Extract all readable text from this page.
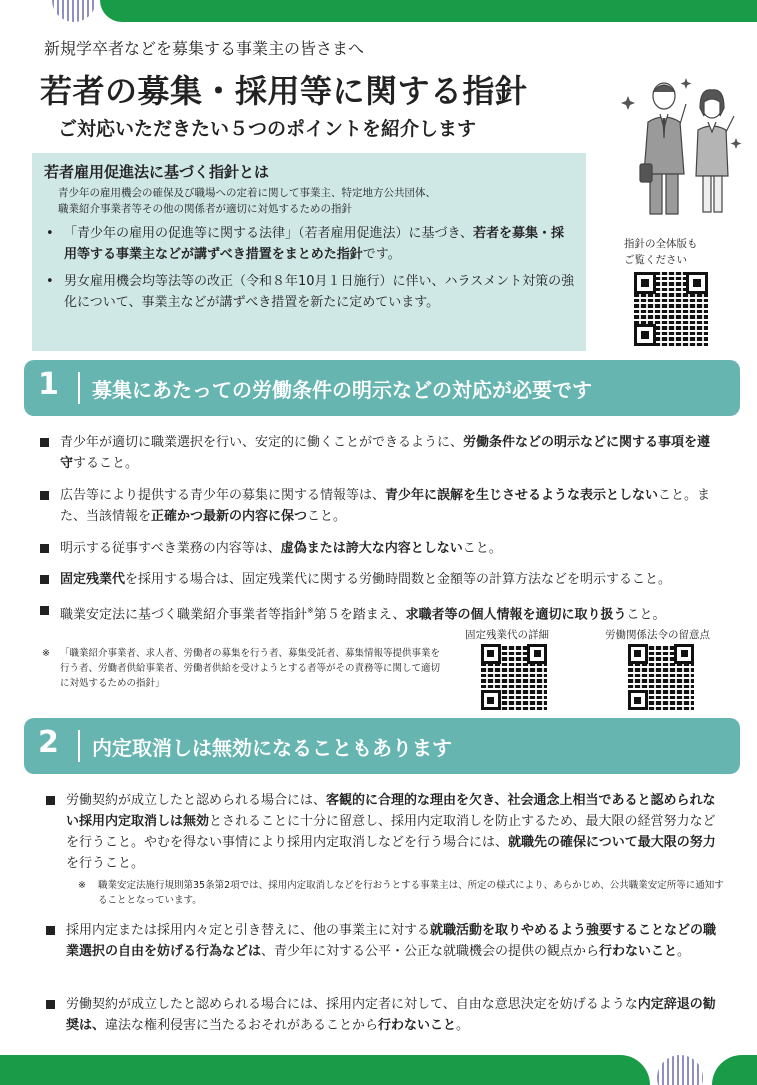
新規学卒者などを募集する事業主の皆さまへ
若者の募集・採用等に関する指針
ご対応いただきたい５つのポイントを紹介します
若者雇用促進法に基づく指針とは
青少年の雇用機会の確保及び職場への定着に関して事業主、特定地方公共団体、
職業紹介事業者等その他の関係者が適切に対処するための指針
• 「青少年の雇用の促進等に関する法律」（若者雇用促進法）に基づき、若者を募集・採用等する事業主などが講ずべき措置をまとめた指針です。
• 男女雇用機会均等法等の改正（令和８年10月１日施行）に伴い、ハラスメント対策の強化について、事業主などが講ずべき措置を新たに定めています。
指針の全体版も
ご覧ください
1 募集にあたっての労働条件の明示などの対応が必要です
青少年が適切に職業選択を行い、安定的に働くことができるように、労働条件などの明示などに関する事項を遵守すること。
広告等により提供する青少年の募集に関する情報等は、青少年に誤解を生じさせるような表示としないこと。また、当該情報を正確かつ最新の内容に保つこと。
明示する従事すべき業務の内容等は、虚偽または誇大な内容としないこと。
固定残業代を採用する場合は、固定残業代に関する労働時間数と金額等の計算方法などを明示すること。
職業安定法に基づく職業紹介事業者等指針※第５を踏まえ、求職者等の個人情報を適切に取り扱うこと。
※ 「職業紹介事業者、求人者、労働者の募集を行う者、募集受託者、募集情報等提供事業を行う者、労働者供給事業者、労働者供給を受けようとする者等がその責務等に関して適切に対処するための指針」
固定残業代の詳細	労働関係法令の留意点
2 内定取消しは無効になることもあります
労働契約が成立したと認められる場合には、客観的に合理的な理由を欠き、社会通念上相当であると認められない採用内定取消しは無効とされることに十分に留意し、採用内定取消しを防止するため、最大限の経営努力などを行うこと。やむを得ない事情により採用内定取消しなどを行う場合には、就職先の確保について最大限の努力を行うこと。
※ 職業安定法施行規則第35条第2項では、採用内定取消しなどを行おうとする事業主は、所定の様式により、あらかじめ、公共職業安定所等に通知することとなっています。
採用内定または採用内々定と引き替えに、他の事業主に対する就職活動を取りやめるよう強要することなどの職業選択の自由を妨げる行為などは、青少年に対する公平・公正な就職機会の提供の観点から行わないこと。
労働契約が成立したと認められる場合には、採用内定者に対して、自由な意思決定を妨げるような内定辞退の勧奨は、違法な権利侵害に当たるおそれがあることから行わないこと。
